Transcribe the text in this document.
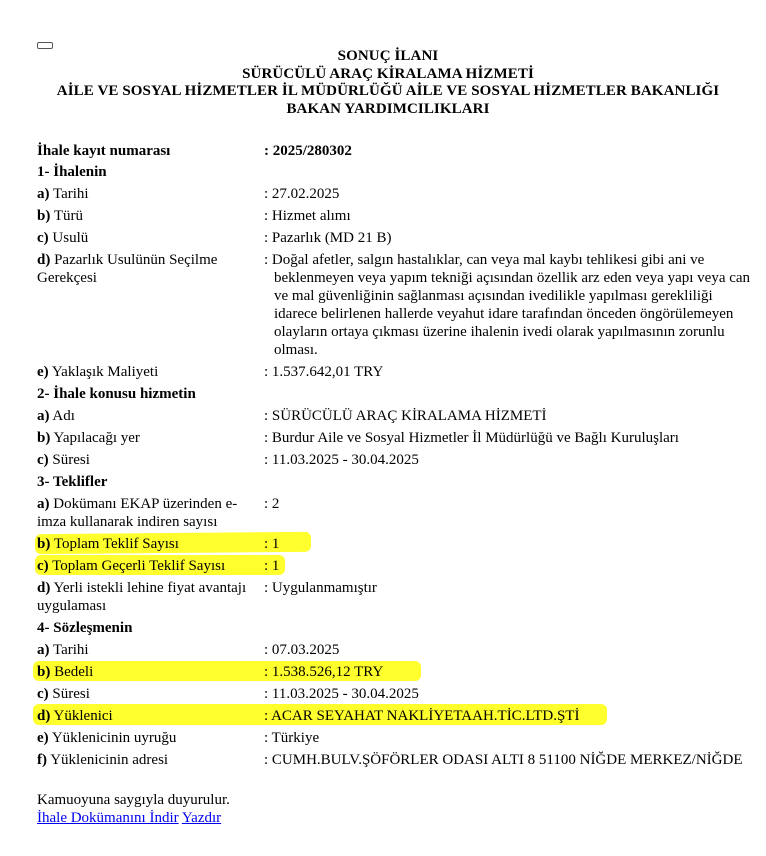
SONUÇ İLANI
SÜRÜCÜLÜ ARAÇ KİRALAMA HİZMETİ
AİLE VE SOSYAL HİZMETLER İL MÜDÜRLÜĞÜ AİLE VE SOSYAL HİZMETLER BAKANLIĞI
BAKAN YARDIMCILIKLARI
İhale kayıt numarası	: 2025/280302
1- İhalenin
a) Tarihi	: 27.02.2025
b) Türü	: Hizmet alımı
c) Usulü	: Pazarlık (MD 21 B)
d) Pazarlık Usulünün Seçilme Gerekçesi
: Doğal afetler, salgın hastalıklar, can veya mal kaybı tehlikesi gibi ani ve beklenmeyen veya yapım tekniği açısından özellik arz eden veya yapı veya can ve mal güvenliğinin sağlanması açısından ivedilikle yapılması gerekliliği idarece belirlenen hallerde veyahut idare tarafından önceden öngörülemeyen olayların ortaya çıkması üzerine ihalenin ivedi olarak yapılmasının zorunlu olması.
e) Yaklaşık Maliyeti	: 1.537.642,01 TRY
2- İhale konusu hizmetin
a) Adı	: SÜRÜCÜLÜ ARAÇ KİRALAMA HİZMETİ
b) Yapılacağı yer	: Burdur Aile ve Sosyal Hizmetler İl Müdürlüğü ve Bağlı Kuruluşları
c) Süresi	: 11.03.2025 - 30.04.2025
3- Teklifler
a) Dokümanı EKAP üzerinden e-imza kullanarak indiren sayısı
: 2
b) Toplam Teklif Sayısı	: 1
c) Toplam Geçerli Teklif Sayısı	: 1
d) Yerli istekli lehine fiyat avantajı uygulaması
: Uygulanmamıştır
4- Sözleşmenin
a) Tarihi	: 07.03.2025
b) Bedeli	: 1.538.526,12 TRY
c) Süresi	: 11.03.2025 - 30.04.2025
d) Yüklenici	: ACAR SEYAHAT NAKLİYETAAH.TİC.LTD.ŞTİ
e) Yüklenicinin uyruğu	: Türkiye
f) Yüklenicinin adresi	: CUMH.BULV.ŞÖFÖRLER ODASI ALTI 8 51100 NİĞDE MERKEZ/NİĞDE
Kamuoyuna saygıyla duyurulur.
İhale Dokümanını İndir Yazdır
